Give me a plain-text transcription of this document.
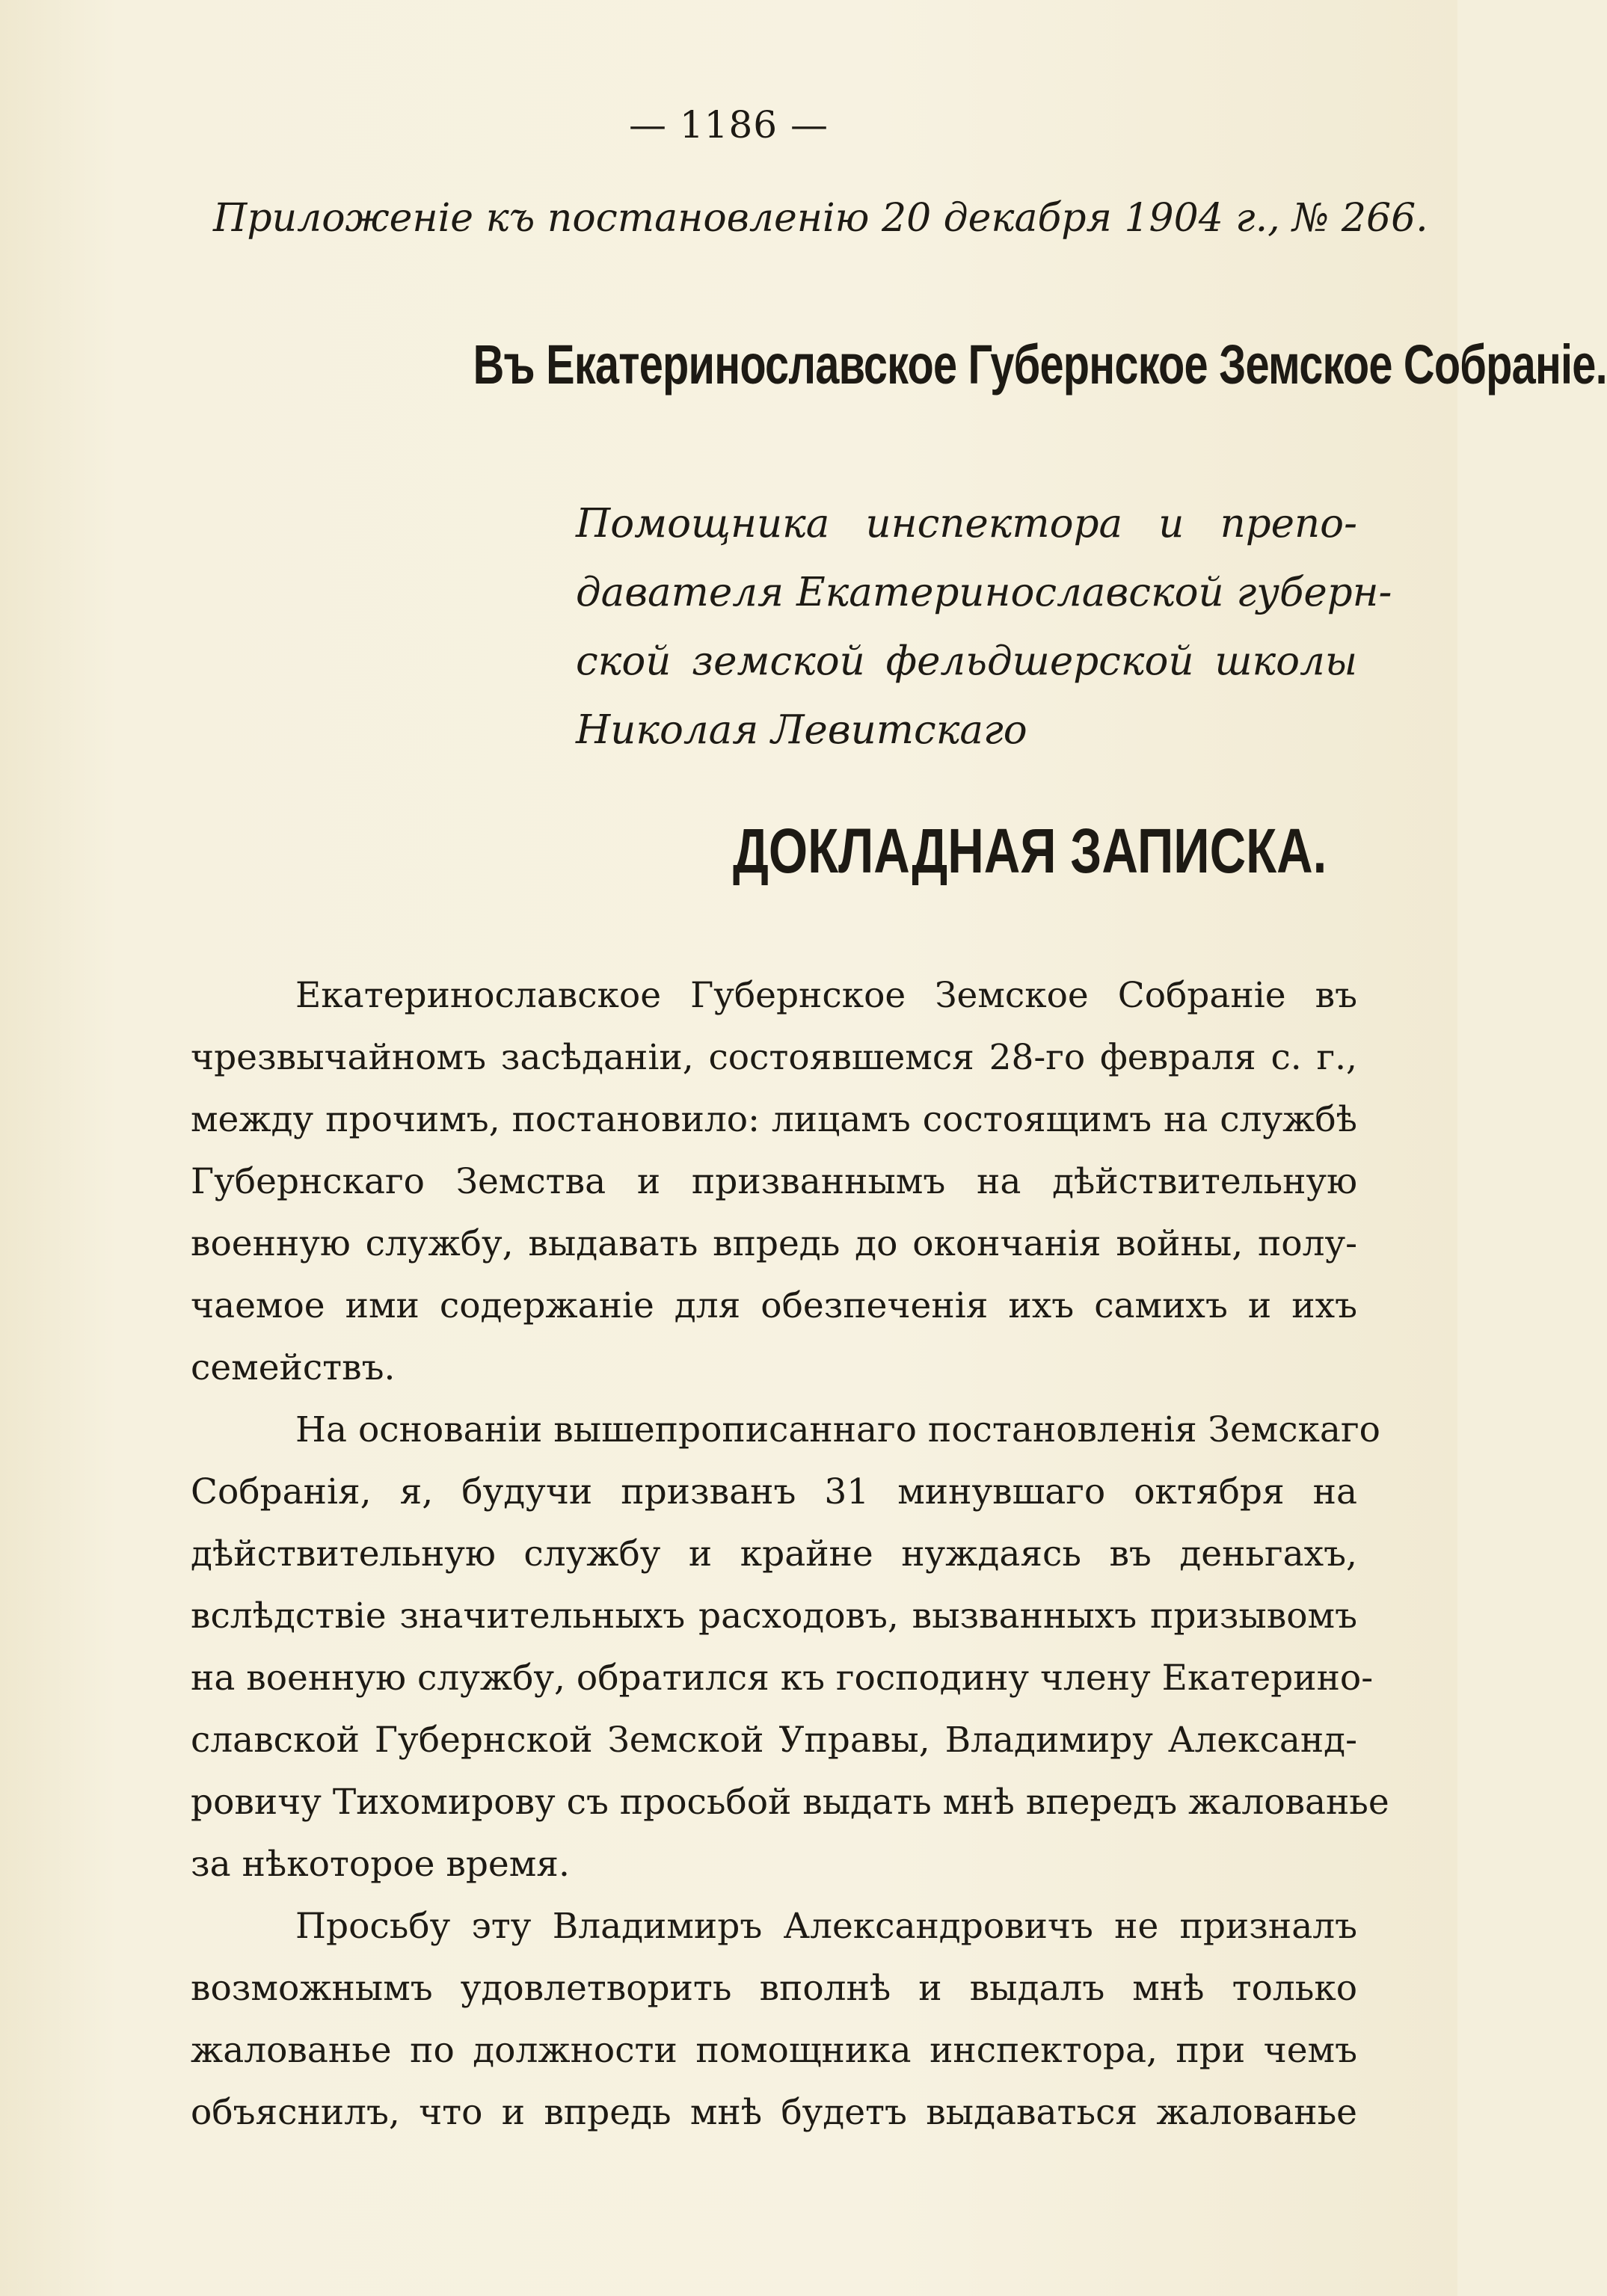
— 1186 —
Приложенiе къ постановленiю 20 декабря 1904 г., № 266.
Въ Екатеринославское Губернское Земское Собранiе.
Помощника инспектора и препо-
давателя Екатеринославской губерн-
ской земской фельдшерской школы
Николая Левитскаго
ДОКЛАДНАЯ ЗАПИСКА.
Екатеринославское Губернское Земское Собранiе въ
чрезвычайномъ засѣданiи, состоявшемся 28-го февраля с. г.,
между прочимъ, постановило: лицамъ состоящимъ на службѣ
Губернскаго Земства и призваннымъ на дѣйствительную
военную службу, выдавать впредь до окончанiя войны, полу-
чаемое ими содержанiе для обезпеченiя ихъ самихъ и ихъ
семействъ.
На основанiи вышепрописаннаго постановленiя Земскаго
Собранiя, я, будучи призванъ 31 минувшаго октября на
дѣйствительную службу и крайне нуждаясь въ деньгахъ,
вслѣдствiе значительныхъ расходовъ, вызванныхъ призывомъ
на военную службу, обратился къ господину члену Екатерино-
славской Губернской Земской Управы, Владимиру Александ-
ровичу Тихомирову съ просьбой выдать мнѣ впередъ жалованье
за нѣкоторое время.
Просьбу эту Владимиръ Александровичъ не призналъ
возможнымъ удовлетворить вполнѣ и выдалъ мнѣ только
жалованье по должности помощника инспектора, при чемъ
объяснилъ, что и впредь мнѣ будетъ выдаваться жалованье
